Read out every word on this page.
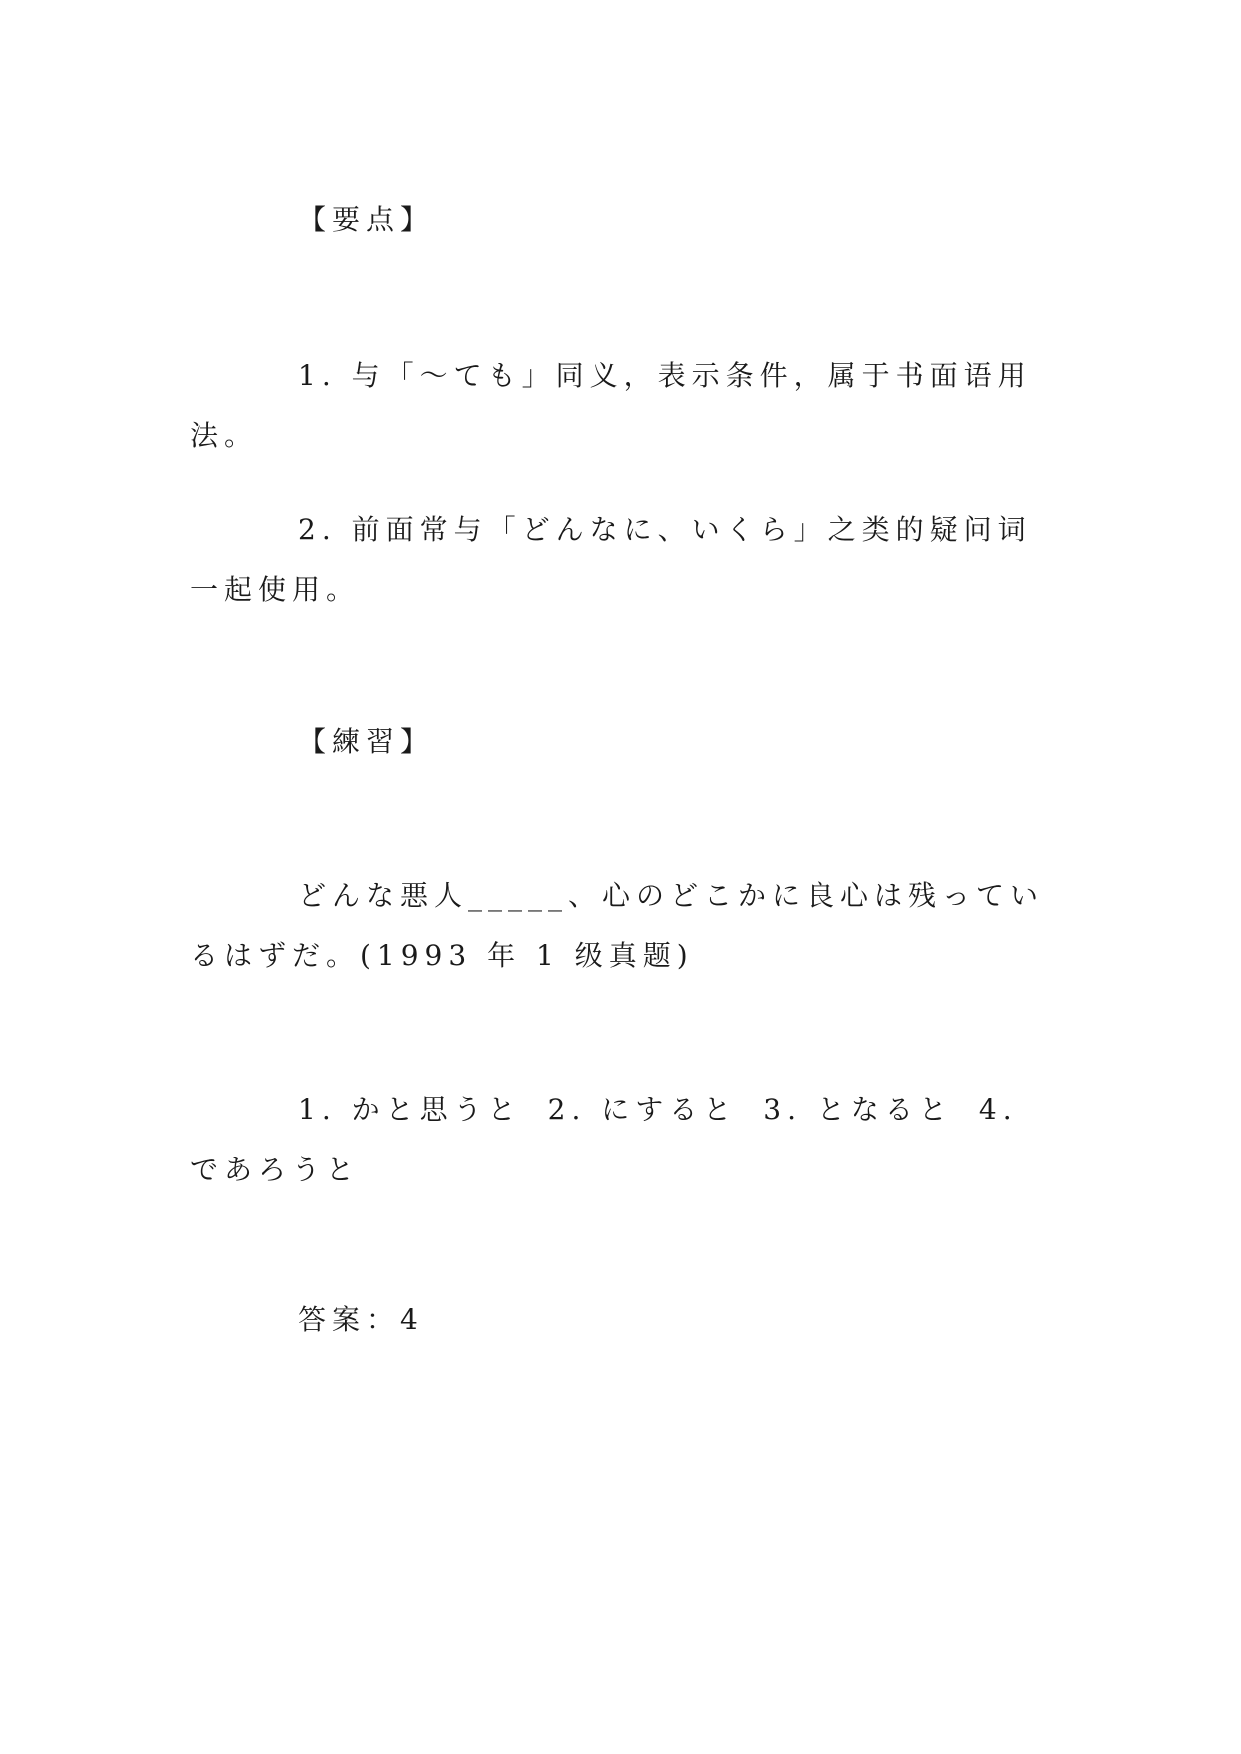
【要点】
1. 与「～ても」同义，表示条件，属于书面语用法。
2. 前面常与「どんなに、いくら」之类的疑问词一起使用。
【練習】
どんな悪人_____、心のどこかに良心は残っているはずだ。(1993 年 1 级真题)
1. かと思うと 2. にすると 3. となると 4. であろうと
答案：4
